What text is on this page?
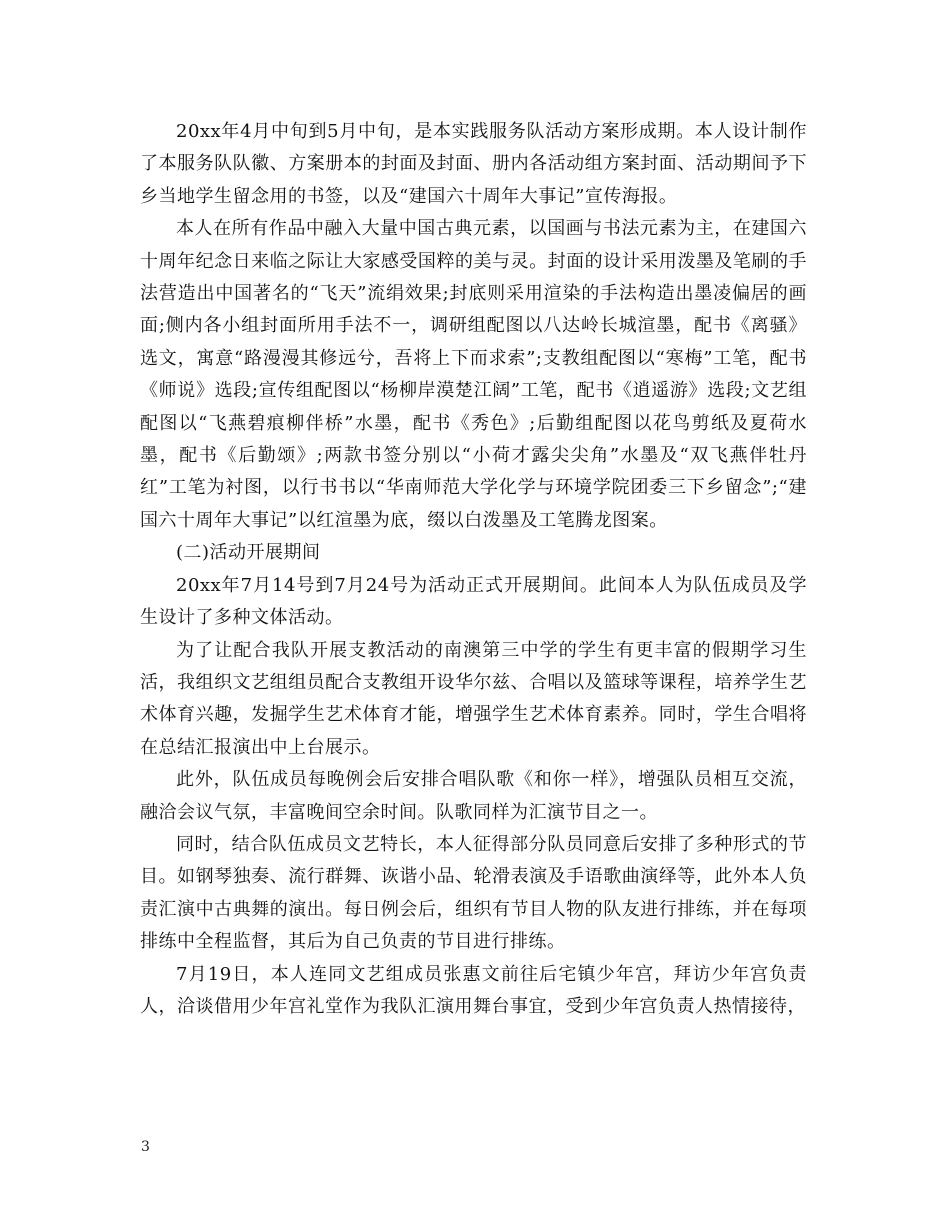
20xx年4月中旬到5月中旬，是本实践服务队活动方案形成期。本人设计制作了本服务队队徽、方案册本的封面及封面、册内各活动组方案封面、活动期间予下乡当地学生留念用的书签，以及“建国六十周年大事记”宣传海报。

本人在所有作品中融入大量中国古典元素，以国画与书法元素为主，在建国六十周年纪念日来临之际让大家感受国粹的美与灵。封面的设计采用泼墨及笔刷的手法营造出中国著名的“飞天”流绢效果;封底则采用渲染的手法构造出墨凌偏居的画面;侧内各小组封面所用手法不一，调研组配图以八达岭长城渲墨，配书《离骚》选文，寓意“路漫漫其修远兮，吾将上下而求索”;支教组配图以“寒梅”工笔，配书《师说》选段;宣传组配图以“杨柳岸漠楚江阔”工笔，配书《逍遥游》选段;文艺组配图以“飞燕碧痕柳伴桥”水墨，配书《秀色》;后勤组配图以花鸟剪纸及夏荷水墨，配书《后勤颂》;两款书签分别以“小荷才露尖尖角”水墨及“双飞燕伴牡丹红”工笔为衬图，以行书书以“华南师范大学化学与环境学院团委三下乡留念”;“建国六十周年大事记”以红渲墨为底，缀以白泼墨及工笔腾龙图案。

(二)活动开展期间

20xx年7月14号到7月24号为活动正式开展期间。此间本人为队伍成员及学生设计了多种文体活动。

为了让配合我队开展支教活动的南澳第三中学的学生有更丰富的假期学习生活，我组织文艺组组员配合支教组开设华尔兹、合唱以及篮球等课程，培养学生艺术体育兴趣，发掘学生艺术体育才能，增强学生艺术体育素养。同时，学生合唱将在总结汇报演出中上台展示。

此外，队伍成员每晚例会后安排合唱队歌《和你一样》，增强队员相互交流，融洽会议气氛，丰富晚间空余时间。队歌同样为汇演节目之一。

同时，结合队伍成员文艺特长，本人征得部分队员同意后安排了多种形式的节目。如钢琴独奏、流行群舞、诙谐小品、轮滑表演及手语歌曲演绎等，此外本人负责汇演中古典舞的演出。每日例会后，组织有节目人物的队友进行排练，并在每项排练中全程监督，其后为自己负责的节目进行排练。

7月19日，本人连同文艺组成员张惠文前往后宅镇少年宫，拜访少年宫负责人，洽谈借用少年宫礼堂作为我队汇演用舞台事宜，受到少年宫负责人热情接待，

3
